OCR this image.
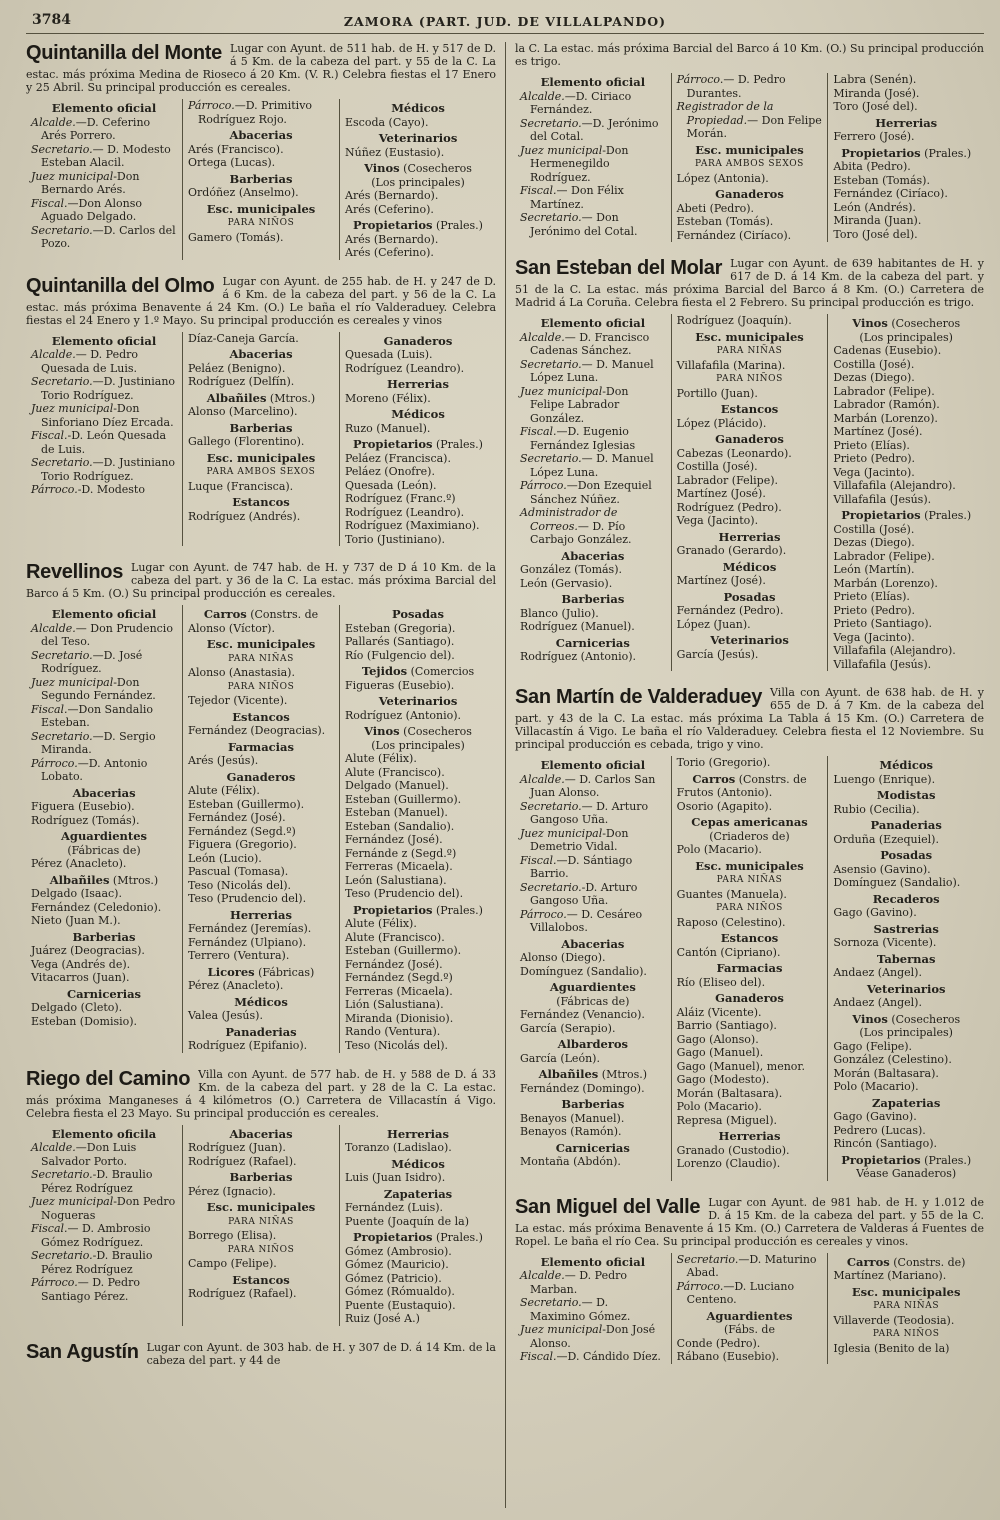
3784	ZAMORA (PART. JUD. DE VILLALPANDO)
Quintanilla del Monte Lugar con Ayunt. de 511 hab. de H. y 517 de D. á 5 Km. de la cabeza del part. y 55 de la C. La estac. más próxima Medina de Rioseco á 20 Km. (V. R.) Celebra fiestas el 17 Enero y 25 Abril. Su principal producción es cereales.

Elemento oficial
Alcalde.—D. Ceferino Arés Porrero.
Secretario.— D. Modesto Esteban Alacil.
Juez municipal-Don Bernardo Arés.
Fiscal.—Don Alonso Aguado Delgado.
Secretario.—D. Carlos del Pozo.
Párroco.—D. Primitivo Rodríguez Rojo.
Abacerias
Arés (Francisco).
Ortega (Lucas).
Barberias
Ordóñez (Anselmo).
Esc. municipales
PARA NIÑOS
Gamero (Tomás).
Médicos
Escoda (Cayo).
Veterinarios
Núñez (Eustasio).
Vinos (Cosecheros
(Los principales)
Arés (Bernardo).
Arés (Ceferino).
Propietarios (Prales.)
Arés (Bernardo).
Arés (Ceferino).
Quintanilla del Olmo Lugar con Ayunt. de 255 hab. de H. y 247 de D. á 6 Km. de la cabeza del part. y 56 de la C. La estac. más próxima Benavente á 24 Km. (O.) Le baña el río Valderaduey. Celebra fiestas el 24 Enero y 1.º Mayo. Su principal producción es cereales y vinos

Elemento oficial
Alcalde.— D. Pedro Quesada de Luis.
Secretario.—D. Justiniano Torio Rodríguez.
Juez municipal-Don Sinforiano Díez Ercada.
Fiscal.-D. León Quesada de Luis.
Secretario.—D. Justiniano Torio Rodríguez.
Párroco.-D. Modesto
Díaz-Caneja García.
Abacerias
Peláez (Benigno).
Rodríguez (Delfín).
Albañiles (Mtros.)
Alonso (Marcelino).
Barberias
Gallego (Florentino).
Esc. municipales
PARA AMBOS SEXOS
Luque (Francisca).
Estancos
Rodríguez (Andrés).
Ganaderos
Quesada (Luis).
Rodríguez (Leandro).
Herrerias
Moreno (Félix).
Médicos
Ruzo (Manuel).
Propietarios (Prales.)
Peláez (Francisca).
Peláez (Onofre).
Quesada (León).
Rodríguez (Franc.º)
Rodríguez (Leandro).
Rodríguez (Maximiano).
Torio (Justiniano).
Revellinos Lugar con Ayunt. de 747 hab. de H. y 737 de D á 10 Km. de la cabeza del part. y 36 de la C. La estac. más próxima Barcial del Barco á 5 Km. (O.) Su principal producción es cereales.

Elemento oficial
Alcalde.— Don Prudencio del Teso.
Secretario.—D. José Rodríguez.
Juez municipal-Don Segundo Fernández.
Fiscal.—Don Sandalio Esteban.
Secretario.—D. Sergio Miranda.
Párroco.—D. Antonio Lobato.
Abacerias
Figuera (Eusebio).
Rodríguez (Tomás).
Aguardientes
(Fábricas de)
Pérez (Anacleto).
Albañiles (Mtros.)
Delgado (Isaac).
Fernández (Celedonio).
Nieto (Juan M.).
Barberias
Juárez (Deogracias).
Vega (Andrés de).
Vitacarros (Juan).
Carnicerias
Delgado (Cleto).
Esteban (Domisio).
Carros (Constrs. de
Alonso (Víctor).
Esc. municipales
PARA NIÑAS
Alonso (Anastasia).
PARA NIÑOS
Tejedor (Vicente).
Estancos
Fernández (Deogracias).
Farmacias
Arés (Jesús).
Ganaderos
Alute (Félix).
Esteban (Guillermo).
Fernández (José).
Fernández (Segd.º)
Figuera (Gregorio).
León (Lucio).
Pascual (Tomasa).
Teso (Nicolás del).
Teso (Prudencio del).
Herrerias
Fernández (Jeremías).
Fernández (Ulpiano).
Terrero (Ventura).
Licores (Fábricas)
Pérez (Anacleto).
Médicos
Valea (Jesús).
Panaderias
Rodríguez (Epifanio).
Posadas
Esteban (Gregoria).
Pallarés (Santiago).
Río (Fulgencio del).
Tejidos (Comercios
Figueras (Eusebio).
Veterinarios
Rodríguez (Antonio).
Vinos (Cosecheros
(Los principales)
Alute (Félix).
Alute (Francisco).
Delgado (Manuel).
Esteban (Guillermo).
Esteban (Manuel).
Esteban (Sandalio).
Fernández (José).
Fernánde z (Segd.º)
Ferreras (Micaela).
León (Salustiana).
Teso (Prudencio del).
Propietarios (Prales.)
Alute (Félix).
Alute (Francisco).
Esteban (Guillermo).
Fernández (José).
Fernández (Segd.º)
Ferreras (Micaela).
Lión (Salustiana).
Miranda (Dionisio).
Rando (Ventura).
Teso (Nicolás del).
Riego del Camino Villa con Ayunt. de 577 hab. de H. y 588 de D. á 33 Km. de la cabeza del part. y 28 de la C. La estac. más próxima Manganeses á 4 kilómetros (O.) Carretera de Villacastín á Vigo. Celebra fiesta el 23 Mayo. Su principal producción es cereales.

Elemento oficila
Alcalde.—Don Luis Salvador Porto.
Secretario.-D. Braulio Pérez Rodríguez
Juez municipal-Don Pedro Nogueras
Fiscal.— D. Ambrosio Gómez Rodríguez.
Secretario.-D. Braulio Pérez Rodríguez
Párroco.— D. Pedro Santiago Pérez.
Abacerias
Rodríguez (Juan).
Rodríguez (Rafael).
Barberias
Pérez (Ignacio).
Esc. municipales
PARA NIÑAS
Borrego (Elisa).
PARA NIÑOS
Campo (Felipe).
Estancos
Rodríguez (Rafael).
Herrerias
Toranzo (Ladislao).
Médicos
Luis (Juan Isidro).
Zapaterias
Fernández (Luis).
Puente (Joaquín de la)
Propietarios (Prales.)
Gómez (Ambrosio).
Gómez (Mauricio).
Gómez (Patricio).
Gómez (Rómualdo).
Puente (Eustaquio).
Ruiz (José A.)
San Agustín Lugar con Ayunt. de 303 hab. de H. y 307 de D. á 14 Km. de la cabeza del part. y 44 de

la C. La estac. más próxima Barcial del Barco á 10 Km. (O.) Su principal producción es trigo.

Elemento oficial
Alcalde.—D. Ciriaco Fernández.
Secretario.—D. Jerónimo del Cotal.
Juez municipal-Don Hermenegildo Rodríguez.
Fiscal.— Don Félix Martínez.
Secretario.— Don Jerónimo del Cotal.
Párroco.— D. Pedro Durantes.
Registrador de la Propiedad.— Don Felipe Morán.
Esc. municipales
PARA AMBOS SEXOS
López (Antonia).
Ganaderos
Abeti (Pedro).
Esteban (Tomás).
Fernández (Ciríaco).
Labra (Senén).
Miranda (José).
Toro (José del).
Herrerias
Ferrero (José).
Propietarios (Prales.)
Abita (Pedro).
Esteban (Tomás).
Fernández (Ciríaco).
León (Andrés).
Miranda (Juan).
Toro (José del).
San Esteban del Molar Lugar con Ayunt. de 639 habitantes de H. y 617 de D. á 14 Km. de la cabeza del part. y 51 de la C. La estac. más próxima Barcial del Barco á 8 Km. (O.) Carretera de Madrid á La Coruña. Celebra fiesta el 2 Febrero. Su principal producción es trigo.

Elemento oficial
Alcalde.— D. Francisco Cadenas Sánchez.
Secretario.— D. Manuel López Luna.
Juez municipal-Don Felipe Labrador González.
Fiscal.—D. Eugenio Fernández Iglesias
Secretario.— D. Manuel López Luna.
Párroco.—Don Ezequiel Sánchez Núñez.
Administrador de Correos.— D. Pío Carbajo González.
Abacerias
González (Tomás).
León (Gervasio).
Barberias
Blanco (Julio).
Rodríguez (Manuel).
Carnicerias
Rodríguez (Antonio).
Rodríguez (Joaquín).
Esc. municipales
PARA NIÑAS
Villafafila (Marina).
PARA NIÑOS
Portillo (Juan).
Estancos
López (Plácido).
Ganaderos
Cabezas (Leonardo).
Costilla (José).
Labrador (Felipe).
Martínez (José).
Rodríguez (Pedro).
Vega (Jacinto).
Herrerias
Granado (Gerardo).
Médicos
Martínez (José).
Posadas
Fernández (Pedro).
López (Juan).
Veterinarios
García (Jesús).
Vinos (Cosecheros
(Los principales)
Cadenas (Eusebio).
Costilla (José).
Dezas (Diego).
Labrador (Felipe).
Labrador (Ramón).
Marbán (Lorenzo).
Martínez (José).
Prieto (Elías).
Prieto (Pedro).
Vega (Jacinto).
Villafafila (Alejandro).
Villafafila (Jesús).
Propietarios (Prales.)
Costilla (José).
Dezas (Diego).
Labrador (Felipe).
León (Martín).
Marbán (Lorenzo).
Prieto (Elías).
Prieto (Pedro).
Prieto (Santiago).
Vega (Jacinto).
Villafafila (Alejandro).
Villafafila (Jesús).
San Martín de Valderaduey Villa con Ayunt. de 638 hab. de H. y 655 de D. á 7 Km. de la cabeza del part. y 43 de la C. La estac. más próxima La Tabla á 15 Km. (O.) Carretera de Villacastín á Vigo. Le baña el río Valderaduey. Celebra fiesta el 12 Noviembre. Su principal producción es cebada, trigo y vino.

Elemento oficial
Alcalde.— D. Carlos San Juan Alonso.
Secretario.— D. Arturo Gangoso Uña.
Juez municipal-Don Demetrio Vidal.
Fiscal.—D. Sántiago Barrio.
Secretario.-D. Arturo Gangoso Uña.
Párroco.— D. Cesáreo Villalobos.
Abacerias
Alonso (Diego).
Domínguez (Sandalio).
Aguardientes
(Fábricas de)
Fernández (Venancio).
García (Serapio).
Albarderos
García (León).
Albañiles (Mtros.)
Fernández (Domingo).
Barberias
Benayos (Manuel).
Benayos (Ramón).
Carnicerias
Montaña (Abdón).
Torio (Gregorio).
Carros (Constrs. de
Frutos (Antonio).
Osorio (Agapito).
Cepas americanas
(Criaderos de)
Polo (Macario).
Esc. municipales
PARA NIÑAS
Guantes (Manuela).
PARA NIÑOS
Raposo (Celestino).
Estancos
Cantón (Cipriano).
Farmacias
Río (Eliseo del).
Ganaderos
Aláiz (Vicente).
Barrio (Santiago).
Gago (Alonso).
Gago (Manuel).
Gago (Manuel), menor.
Gago (Modesto).
Morán (Baltasara).
Polo (Macario).
Represa (Miguel).
Herrerias
Granado (Custodio).
Lorenzo (Claudio).
Médicos
Luengo (Enrique).
Modistas
Rubio (Cecilia).
Panaderias
Orduña (Ezequiel).
Posadas
Asensio (Gavino).
Domínguez (Sandalio).
Recaderos
Gago (Gavino).
Sastrerias
Sornoza (Vicente).
Tabernas
Andaez (Angel).
Veterinarios
Andaez (Angel).
Vinos (Cosecheros
(Los principales)
Gago (Felipe).
González (Celestino).
Morán (Baltasara).
Polo (Macario).
Zapaterias
Gago (Gavino).
Pedrero (Lucas).
Rincón (Santiago).
Propietarios (Prales.)
Véase Ganaderos)
San Miguel del Valle Lugar con Ayunt. de 981 hab. de H. y 1.012 de D. á 15 Km. de la cabeza del part. y 55 de la C. La estac. más próxima Benavente á 15 Km. (O.) Carretera de Valderas á Fuentes de Ropel. Le baña el río Cea. Su principal producción es cereales y vinos.

Elemento oficial
Alcalde.— D. Pedro Marban.
Secretario.— D. Maximino Gómez.
Juez municipal-Don José Alonso.
Fiscal.—D. Cándido Díez.
Secretario.—D. Maturino Abad.
Párroco.—D. Luciano Centeno.
Aguardientes
(Fábs. de
Conde (Pedro).
Rábano (Eusebio).
Carros (Constrs. de)
Martínez (Mariano).
Esc. municipales
PARA NIÑAS
Villaverde (Teodosia).
PARA NIÑOS
Iglesia (Benito de la)
